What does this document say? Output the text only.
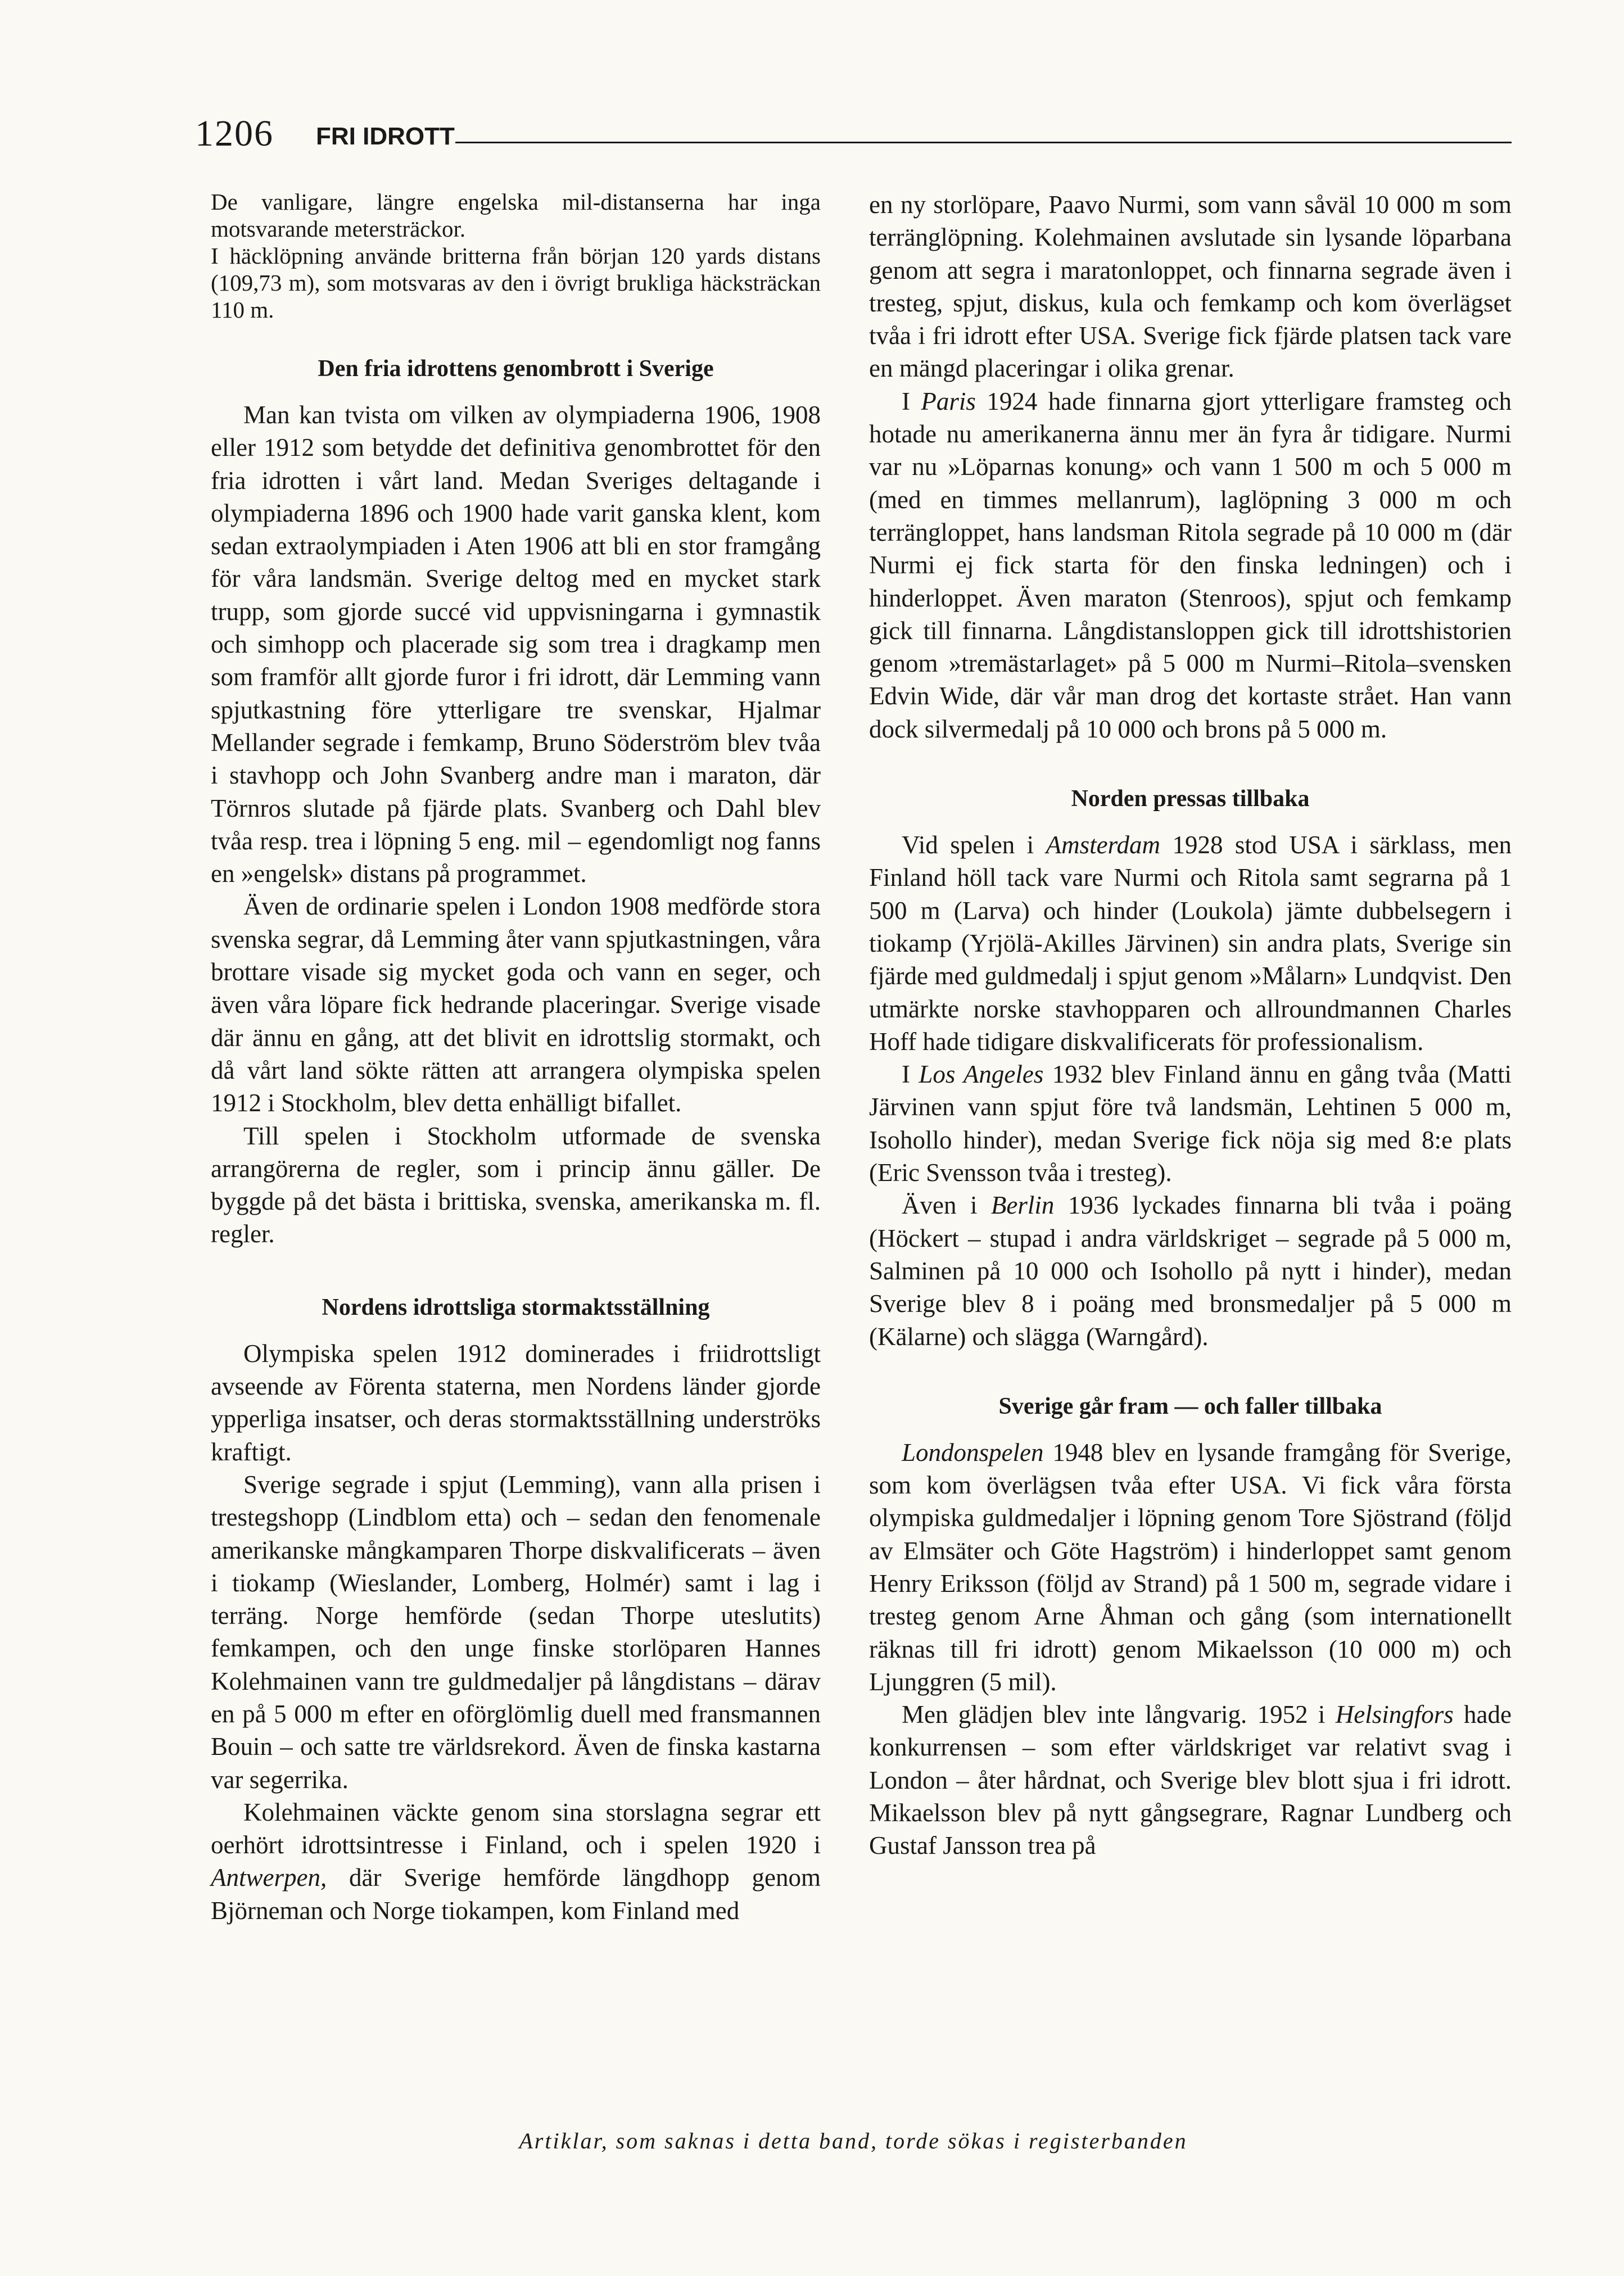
1206 FRI IDROTT

De vanligare, längre engelska mil-distanserna har inga motsvarande metersträckor.

I häcklöpning använde britterna från början 120 yards distans (109,73 m), som motsvaras av den i övrigt brukliga häcksträckan 110 m.

Den fria idrottens genombrott i Sverige

Man kan tvista om vilken av olympiaderna 1906, 1908 eller 1912 som betydde det definitiva genombrottet för den fria idrotten i vårt land. Medan Sveriges deltagande i olympiaderna 1896 och 1900 hade varit ganska klent, kom sedan extraolympiaden i Aten 1906 att bli en stor framgång för våra landsmän. Sverige deltog med en mycket stark trupp, som gjorde succé vid uppvisningarna i gymnastik och simhopp och placerade sig som trea i dragkamp men som framför allt gjorde furor i fri idrott, där Lemming vann spjutkastning före ytterligare tre svenskar, Hjalmar Mellander segrade i femkamp, Bruno Söderström blev tvåa i stavhopp och John Svanberg andre man i maraton, där Törnros slutade på fjärde plats. Svanberg och Dahl blev tvåa resp. trea i löpning 5 eng. mil – egendomligt nog fanns en »engelsk» distans på programmet.

Även de ordinarie spelen i London 1908 medförde stora svenska segrar, då Lemming åter vann spjutkastningen, våra brottare visade sig mycket goda och vann en seger, och även våra löpare fick hedrande placeringar. Sverige visade där ännu en gång, att det blivit en idrottslig stormakt, och då vårt land sökte rätten att arrangera olympiska spelen 1912 i Stockholm, blev detta enhälligt bifallet.

Till spelen i Stockholm utformade de svenska arrangörerna de regler, som i princip ännu gäller. De byggde på det bästa i brittiska, svenska, amerikanska m. fl. regler.

Nordens idrottsliga stormaktsställning

Olympiska spelen 1912 dominerades i friidrottsligt avseende av Förenta staterna, men Nordens länder gjorde ypperliga insatser, och deras stormaktsställning underströks kraftigt.

Sverige segrade i spjut (Lemming), vann alla prisen i trestegshopp (Lindblom etta) och – sedan den fenomenale amerikanske mångkamparen Thorpe diskvalificerats – även i tiokamp (Wieslander, Lomberg, Holmér) samt i lag i terräng. Norge hemförde (sedan Thorpe uteslutits) femkampen, och den unge finske storlöparen Hannes Kolehmainen vann tre guldmedaljer på långdistans – därav en på 5 000 m efter en oförglömlig duell med fransmannen Bouin – och satte tre världsrekord. Även de finska kastarna var segerrika.

Kolehmainen väckte genom sina storslagna segrar ett oerhört idrottsintresse i Finland, och i spelen 1920 i Antwerpen, där Sverige hemförde längdhopp genom Björneman och Norge tiokampen, kom Finland med

en ny storlöpare, Paavo Nurmi, som vann såväl 10 000 m som terränglöpning. Kolehmainen avslutade sin lysande löparbana genom att segra i maratonloppet, och finnarna segrade även i tresteg, spjut, diskus, kula och femkamp och kom överlägset tvåa i fri idrott efter USA. Sverige fick fjärde platsen tack vare en mängd placeringar i olika grenar.

I Paris 1924 hade finnarna gjort ytterligare framsteg och hotade nu amerikanerna ännu mer än fyra år tidigare. Nurmi var nu »Löparnas konung» och vann 1 500 m och 5 000 m (med en timmes mellanrum), laglöpning 3 000 m och terrängloppet, hans landsman Ritola segrade på 10 000 m (där Nurmi ej fick starta för den finska ledningen) och i hinderloppet. Även maraton (Stenroos), spjut och femkamp gick till finnarna. Långdistansloppen gick till idrottshistorien genom »tremästarlaget» på 5 000 m Nurmi–Ritola–svensken Edvin Wide, där vår man drog det kortaste strået. Han vann dock silvermedalj på 10 000 och brons på 5 000 m.

Norden pressas tillbaka

Vid spelen i Amsterdam 1928 stod USA i särklass, men Finland höll tack vare Nurmi och Ritola samt segrarna på 1 500 m (Larva) och hinder (Loukola) jämte dubbelsegern i tiokamp (Yrjölä-Akilles Järvinen) sin andra plats, Sverige sin fjärde med guldmedalj i spjut genom »Målarn» Lundqvist. Den utmärkte norske stavhopparen och allroundmannen Charles Hoff hade tidigare diskvalificerats för professionalism.

I Los Angeles 1932 blev Finland ännu en gång tvåa (Matti Järvinen vann spjut före två landsmän, Lehtinen 5 000 m, Isohollo hinder), medan Sverige fick nöja sig med 8:e plats (Eric Svensson tvåa i tresteg).

Även i Berlin 1936 lyckades finnarna bli tvåa i poäng (Höckert – stupad i andra världskriget – segrade på 5 000 m, Salminen på 10 000 och Isohollo på nytt i hinder), medan Sverige blev 8 i poäng med bronsmedaljer på 5 000 m (Kälarne) och slägga (Warngård).

Sverige går fram — och faller tillbaka

Londonspelen 1948 blev en lysande framgång för Sverige, som kom överlägsen tvåa efter USA. Vi fick våra första olympiska guldmedaljer i löpning genom Tore Sjöstrand (följd av Elmsäter och Göte Hagström) i hinderloppet samt genom Henry Eriksson (följd av Strand) på 1 500 m, segrade vidare i tresteg genom Arne Åhman och gång (som internationellt räknas till fri idrott) genom Mikaelsson (10 000 m) och Ljunggren (5 mil).

Men glädjen blev inte långvarig. 1952 i Helsingfors hade konkurrensen – som efter världskriget var relativt svag i London – åter hårdnat, och Sverige blev blott sjua i fri idrott. Mikaelsson blev på nytt gångsegrare, Ragnar Lundberg och Gustaf Jansson trea på

Artiklar, som saknas i detta band, torde sökas i registerbanden
